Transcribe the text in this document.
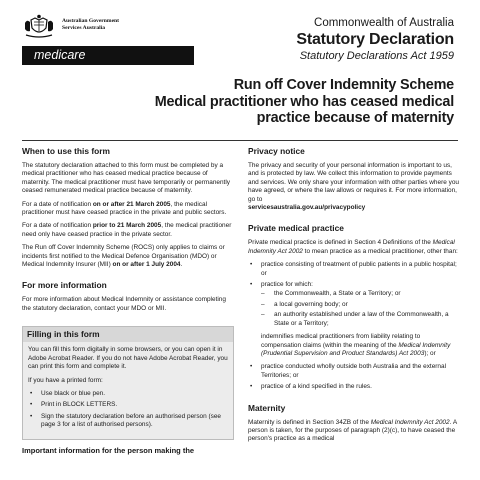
Australian Government
Services Australia
medicare
Commonwealth of Australia
Statutory Declaration
Statutory Declarations Act 1959
Run off Cover Indemnity Scheme
Medical practitioner who has ceased medical
practice because of maternity
When to use this form

The statutory declaration attached to this form must be completed by a medical practitioner who has ceased medical practice because of maternity. The medical practitioner must have temporarily or permanently ceased remunerated medical practice because of maternity.

For a date of notification on or after 21 March 2005, the medical practitioner must have ceased practice in the private and public sectors.

For a date of notification prior to 21 March 2005, the medical practitioner need only have ceased practice in the private sector.

The Run off Cover Indemnity Scheme (ROCS) only applies to claims or incidents first notified to the Medical Defence Organisation (MDO) or Medical Indemnity Insurer (MII) on or after 1 July 2004.

For more information

For more information about Medical Indemnity or assistance completing the statutory declaration, contact your MDO or MII.

Filling in this form

You can fill this form digitally in some browsers, or you can open it in Adobe Acrobat Reader. If you do not have Adobe Acrobat Reader, you can print this form and complete it.

If you have a printed form:

• Use black or blue pen.
• Print in BLOCK LETTERS.
• Sign the statutory declaration before an authorised person (see page 3 for a list of authorised persons).
Important information for the person making the
Privacy notice

The privacy and security of your personal information is important to us, and is protected by law. We collect this information to provide payments and services. We only share your information with other parties where you have agreed, or where the law allows or requires it. For more information, go to
servicesaustralia.gov.au/privacypolicy

Private medical practice

Private medical practice is defined in Section 4 Definitions of the Medical Indemnity Act 2002 to mean practice as a medical practitioner, other than:

• practice consisting of treatment of public patients in a public hospital; or
• practice for which:
– the Commonwealth, a State or a Territory; or
– a local governing body; or
– an authority established under a law of the Commonwealth, a State or a Territory;

indemnifies medical practitioners from liability relating to compensation claims (within the meaning of the Medical Indemnity (Prudential Supervision and Product Standards) Act 2003); or

• practice conducted wholly outside both Australia and the external Territories; or
• practice of a kind specified in the rules.
Maternity

Maternity is defined in Section 34ZB of the Medical Indemnity Act 2002. A person is taken, for the purposes of paragraph (2)(c), to have ceased the person's practice as a medical
